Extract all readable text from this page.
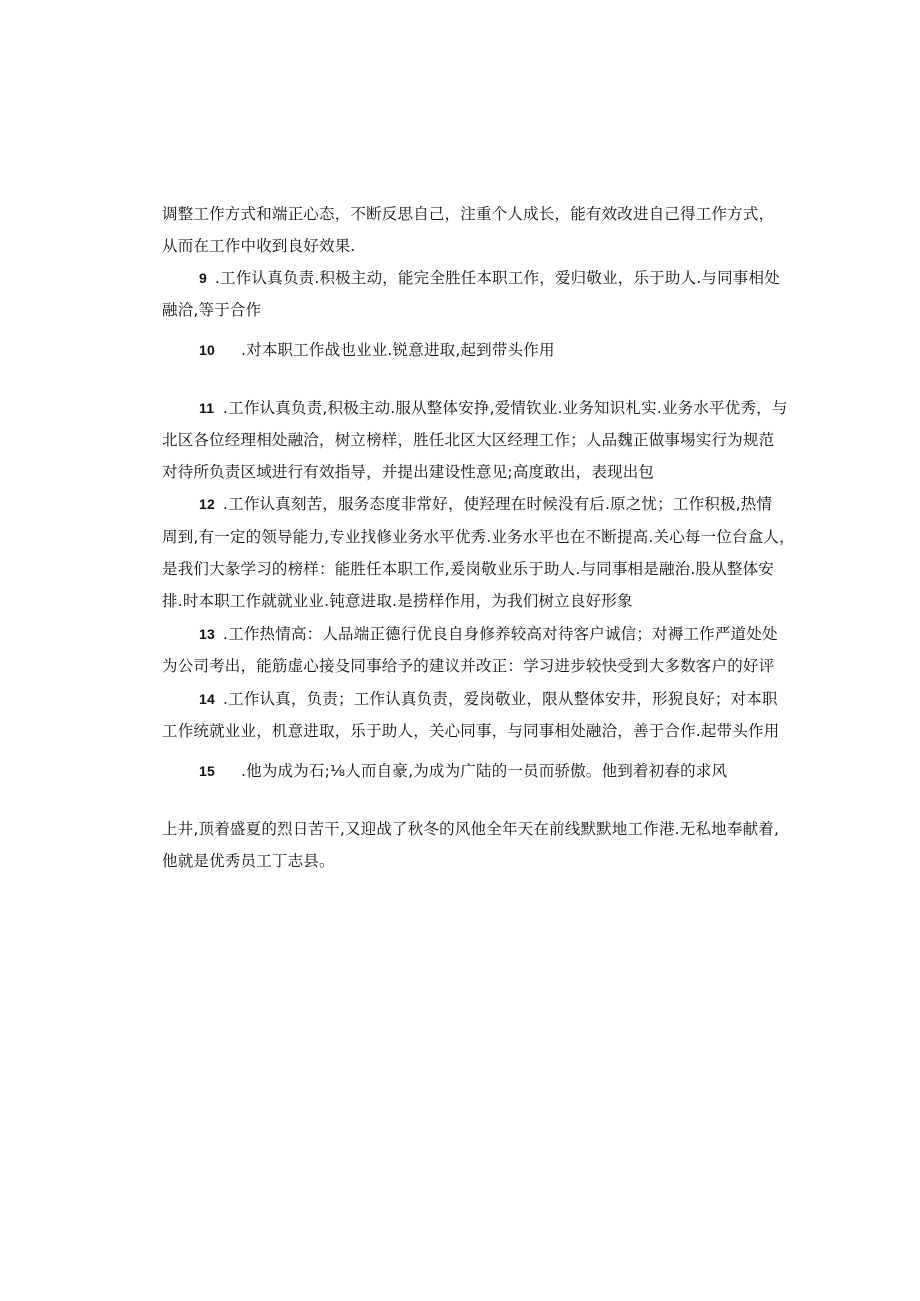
调整工作方式和端正心态，不断反思自己，注重个人成长，能有效改进自己得工作方式，
从而在工作中收到良好效果.
9 .工作认真负责.积极主动，能完全胜任本职工作，爱归敬业，乐于助人.与同事相处
融洽,等于合作
10 .对本职工作战也业业.锐意进取,起到带头作用
11 .工作认真负责,积极主动.服从整体安挣,爱情钦业.业务知识札实.业务水平优秀，与
北区各位经理相处融洽，树立榜样，胜任北区大区经理工作；人品魏正做事埸实行为规范
对待所负责区域进行有效指导，并提出建设性意见;高度敢出，表现出包
12 .工作认真刻苦，服务态度非常好，使羟理在时候没有后.原之忧；工作积极,热情
周到,有一定的领导能力,专业找修业务水平优秀.业务水平也在不断提高.关心每一位台盒人，
是我们大彖学习的榜样：能胜任本职工作,爰岗敬业乐于助人.与同事相是融治.股从整体安
排.时本职工作就就业业.钝意进取.是捞样作用，为我们树立良好形象
13 .工作热情高：人品端正德行优良自身修养较高对待客户诚信；对褥工作严道处处
为公司考出，能筋虚心接殳同事给予的建议并改正：学习进步较快受到大多数客户的好评
14 .工作认真，负责；工作认真负责，爱岗敬业，限从整体安井，形猊良好；对本职
工作统就业业，机意进取，乐于助人，关心同事，与同事相处融洽，善于合作.起带头作用
15 .他为成为石;⅛人而自豪,为成为广陆的一员而骄傲。他到着初春的求风
上井,顶着盛夏的烈日苦干,又迎战了秋冬的风他全年天在前线默默地工作港.无私地奉献着,
他就是优秀员工丁志县。
